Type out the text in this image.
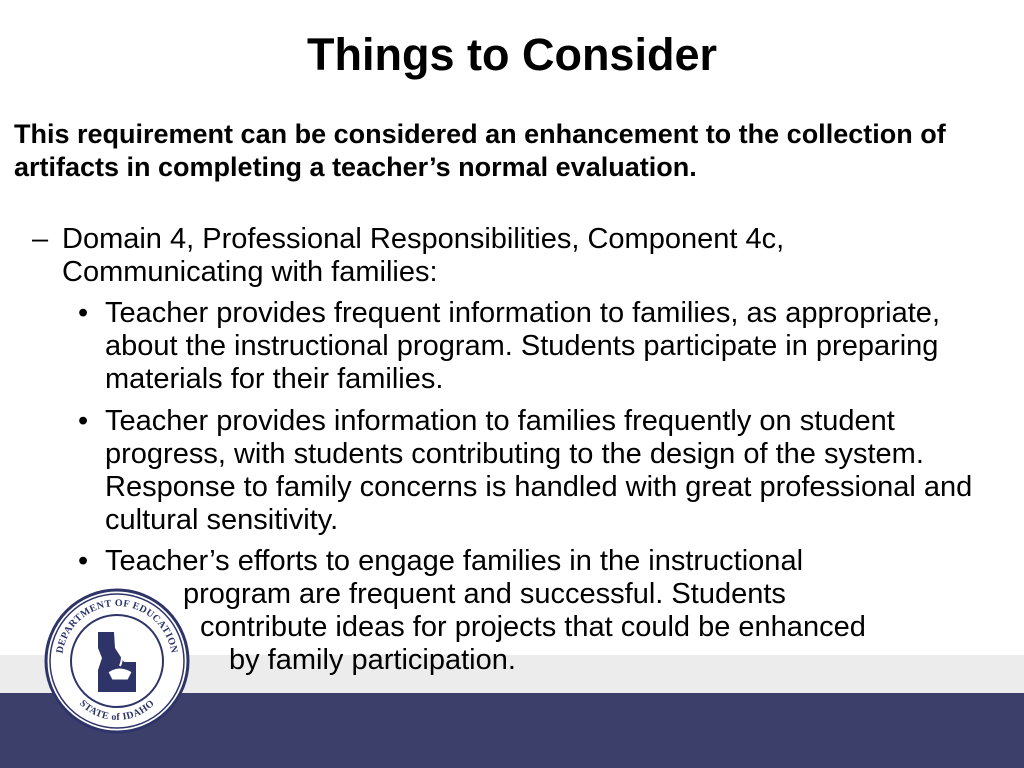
Things to Consider
This requirement can be considered an enhancement to the collection of artifacts in completing a teacher’s normal evaluation.
– Domain 4, Professional Responsibilities, Component 4c, Communicating with families:
• Teacher provides frequent information to families, as appropriate, about the instructional program. Students participate in preparing materials for their families.
• Teacher provides information to families frequently on student progress, with students contributing to the design of the system. Response to family concerns is handled with great professional and cultural sensitivity.
• Teacher’s efforts to engage families in the instructional
program are frequent and successful. Students
contribute ideas for projects that could be enhanced
by family participation.
DEPARTMENT OF EDUCATION
STATE of IDAHO
